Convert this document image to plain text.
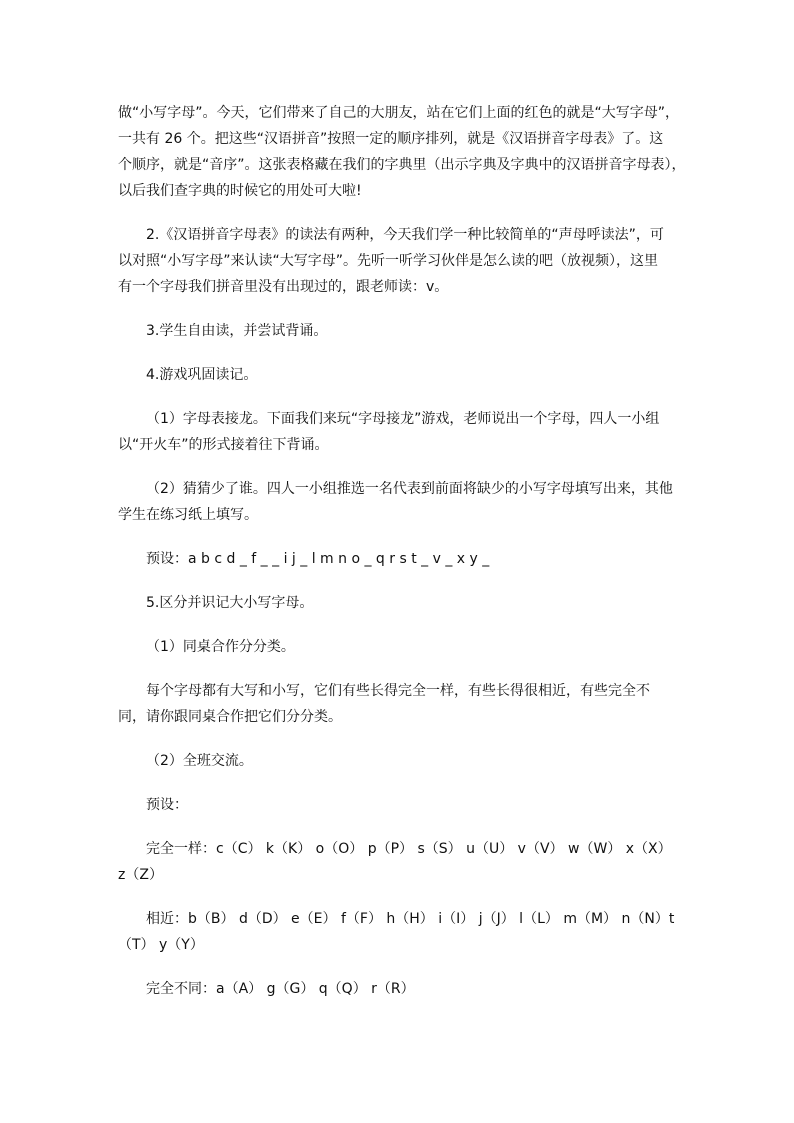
做“小写字母”。今天，它们带来了自己的大朋友，站在它们上面的红色的就是“大写字母”，
一共有 26 个。把这些“汉语拼音”按照一定的顺序排列，就是《汉语拼音字母表》了。这
个顺序，就是“音序”。这张表格藏在我们的字典里（出示字典及字典中的汉语拼音字母表），
以后我们查字典的时候它的用处可大啦!
2.《汉语拼音字母表》的读法有两种，今天我们学一种比较简单的“声母呼读法”，可
以对照“小写字母”来认读“大写字母”。先听一听学习伙伴是怎么读的吧（放视频），这里
有一个字母我们拼音里没有出现过的，跟老师读：v。
3.学生自由读，并尝试背诵。
4.游戏巩固读记。
（1）字母表接龙。下面我们来玩“字母接龙”游戏，老师说出一个字母，四人一小组
以“开火车”的形式接着往下背诵。
（2）猜猜少了谁。四人一小组推选一名代表到前面将缺少的小写字母填写出来，其他
学生在练习纸上填写。
预设：a b c d _ f _ _ i j _ l m n o _ q r s t _ v _ x y _
5.区分并识记大小写字母。
（1）同桌合作分分类。
每个字母都有大写和小写，它们有些长得完全一样，有些长得很相近，有些完全不
同，请你跟同桌合作把它们分分类。
（2）全班交流。
预设：
完全一样：c（C） k（K） o（O） p（P） s（S） u（U） v（V） w（W） x（X）
z（Z）
相近：b（B） d（D） e（E） f（F） h（H） i（I） j（J） l（L） m（M） n（N）t
（T） y（Y）
完全不同：a（A） g（G） q（Q） r（R）
